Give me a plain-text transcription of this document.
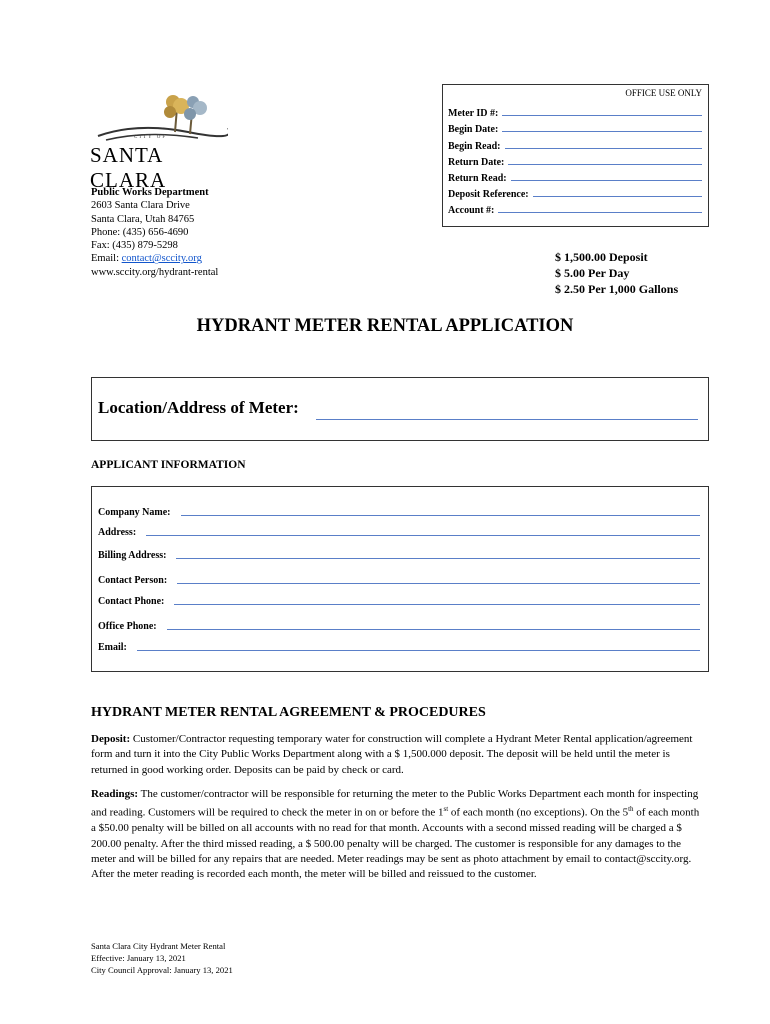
CITY OF
SANTA CLARA
Public Works Department
2603 Santa Clara Drive
Santa Clara, Utah 84765
Phone: (435) 656-4690
Fax: (435) 879-5298
Email: contact@sccity.org
www.sccity.org/hydrant-rental
OFFICE USE ONLY
Meter ID #:
Begin Date:
Begin Read:
Return Date:
Return Read:
Deposit Reference:
Account #:
$ 1,500.00 Deposit
$ 5.00 Per Day
$ 2.50 Per 1,000 Gallons
HYDRANT METER RENTAL APPLICATION
Location/Address of Meter:
APPLICANT INFORMATION
Company Name:
Address:
Billing Address:
Contact Person:
Contact Phone:
Office Phone:
Email:
HYDRANT METER RENTAL AGREEMENT & PROCEDURES
Deposit: Customer/Contractor requesting temporary water for construction will complete a Hydrant Meter Rental application/agreement form and turn it into the City Public Works Department along with a $ 1,500.000 deposit. The deposit will be held until the meter is returned in good working order. Deposits can be paid by check or card.
Readings: The customer/contractor will be responsible for returning the meter to the Public Works Department each month for inspecting and reading. Customers will be required to check the meter in on or before the 1st of each month (no exceptions). On the 5th of each month a $50.00 penalty will be billed on all accounts with no read for that month. Accounts with a second missed reading will be charged a $ 200.00 penalty. After the third missed reading, a $ 500.00 penalty will be charged. The customer is responsible for any damages to the meter and will be billed for any repairs that are needed. Meter readings may be sent as photo attachment by email to contact@sccity.org. After the meter reading is recorded each month, the meter will be billed and reissued to the customer.
Santa Clara City Hydrant Meter Rental
Effective: January 13, 2021
City Council Approval: January 13, 2021
